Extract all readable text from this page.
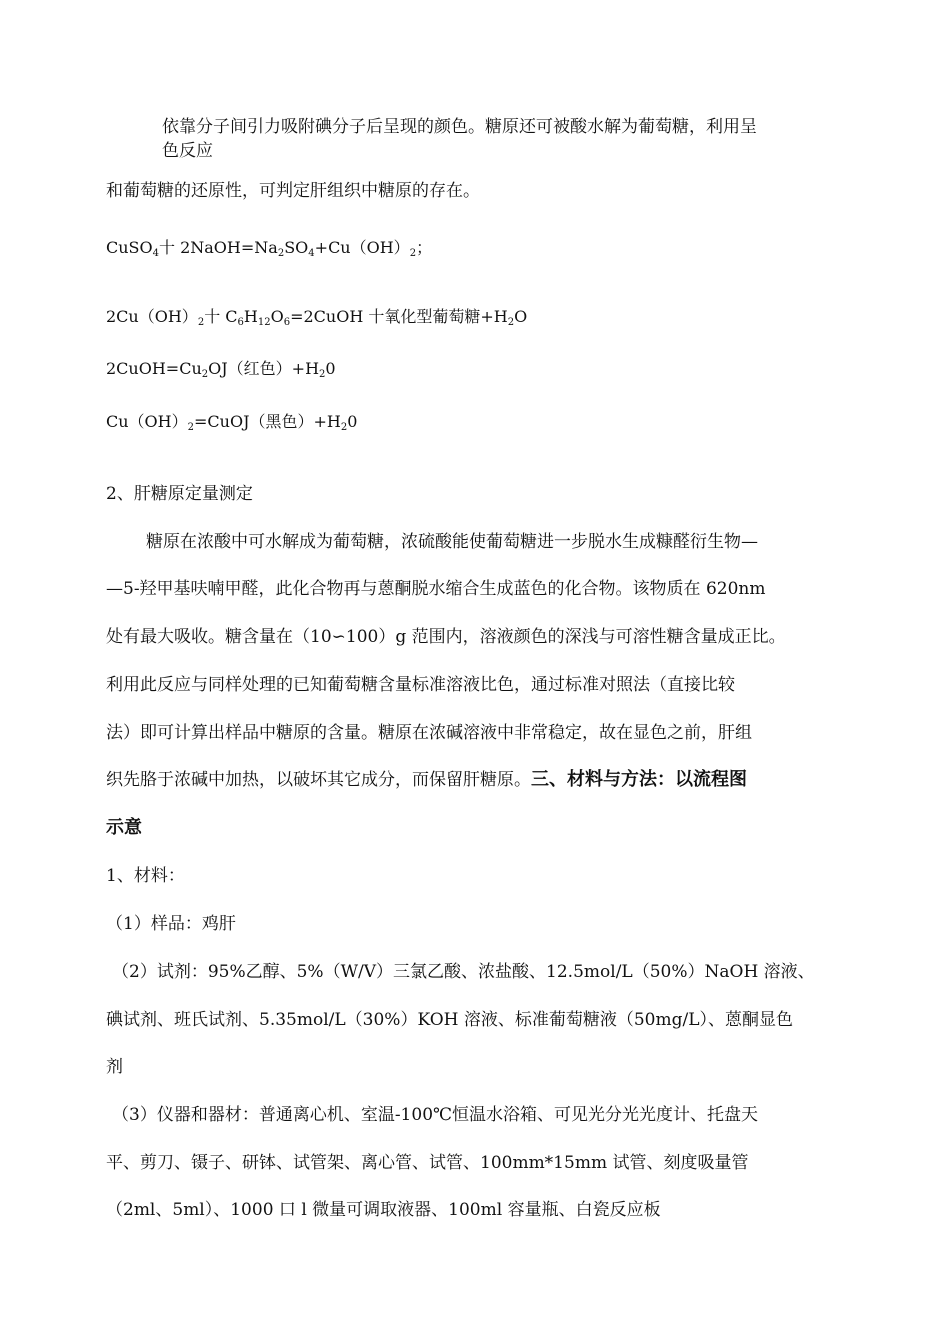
依靠分子间引力吸附碘分子后呈现的颜色。糖原还可被酸水解为葡萄糖，利用呈
色反应
和葡萄糖的还原性，可判定肝组织中糖原的存在。
CuSO$_4$十 $2NaOH=Na_2SO_4+Cu(OH)_2$；
$2Cu(OH)_2$十 $C_6H_{12}O_6=2CuOH$ 十氧化型葡萄糖$+H_2O$
$2CuOH=Cu_2OJ$（红色）$+H_20$
$Cu(OH)_2=CuOJ$（黑色）$+H_20$
2、肝糖原定量测定
糖原在浓酸中可水解成为葡萄糖，浓硫酸能使葡萄糖进一步脱水生成糠醛衍生物—
—5-羟甲基呋喃甲醛，此化合物再与蒽酮脱水缩合生成蓝色的化合物。该物质在 620nm
处有最大吸收。糖含量在（10∽100）g 范围内，溶液颜色的深浅与可溶性糖含量成正比。
利用此反应与同样处理的已知葡萄糖含量标准溶液比色，通过标准对照法（直接比较
法）即可计算出样品中糖原的含量。糖原在浓碱溶液中非常稳定，故在显色之前，肝组
织先胳于浓碱中加热，以破坏其它成分，而保留肝糖原。三、材料与方法：以流程图
示意
1、材料：
（1）样品：鸡肝
（2）试剂：95%乙醇、5%（W/V）三氯乙酸、浓盐酸、12.5mol/L（50%）NaOH 溶液、
碘试剂、班氏试剂、5.35mol/L（30%）KOH 溶液、标准葡萄糖液（50mg/L）、蒽酮显色
剂
（3）仪器和器材：普通离心机、室温-100℃恒温水浴箱、可见光分光光度计、托盘天
平、剪刀、镊子、研钵、试管架、离心管、试管、100mm*15mm 试管、刻度吸量管
（2ml、5ml）、1000 口 l 微量可调取液器、100ml 容量瓶、白瓷反应板
